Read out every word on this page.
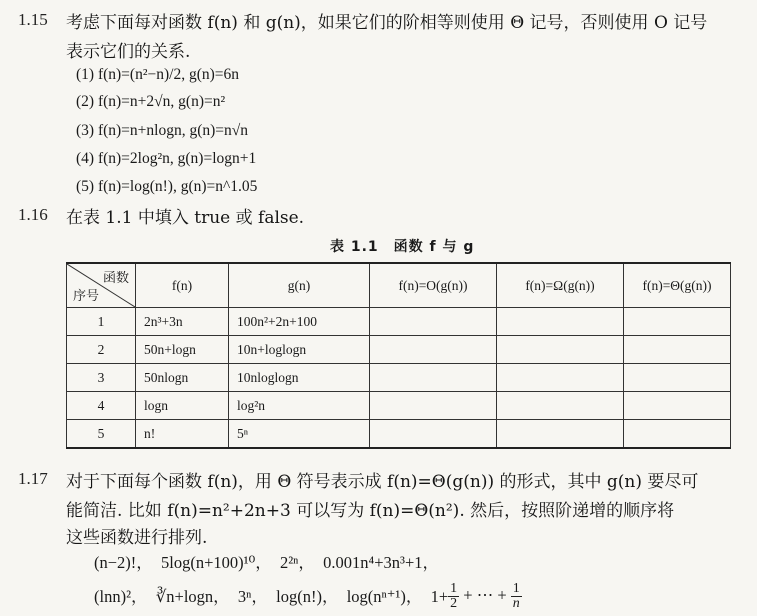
1.15 考虑下面每对函数 f(n) 和 g(n)，如果它们的阶相等则使用 Θ 记号，否则使用 O 记号
表示它们的关系.
(1) f(n)=(n²−n)/2, g(n)=6n
(2) f(n)=n+2√n, g(n)=n²
(3) f(n)=n+nlogn, g(n)=n√n
(4) f(n)=2log²n, g(n)=logn+1
(5) f(n)=log(n!), g(n)=n^1.05
1.16 在表 1.1 中填入 true 或 false.
表 1.1　函数 f 与 g
函数
序号	f(n)	g(n)	f(n)=O(g(n))	f(n)=Ω(g(n))	f(n)=Θ(g(n))
1	2n³+3n	100n²+2n+100			
2	50n+logn	10n+loglogn			
3	50nlogn	10nloglogn			
4	logn	log²n			
5	n!	5ⁿ			
1.17 对于下面每个函数 f(n)，用 Θ 符号表示成 f(n)=Θ(g(n)) 的形式，其中 g(n) 要尽可
能简洁. 比如 f(n)=n²+2n+3 可以写为 f(n)=Θ(n²). 然后，按照阶递增的顺序将
这些函数进行排列.
(n−2)!，　5log(n+100)¹⁰，　2²ⁿ，　0.001n⁴+3n³+1，
(lnn)²，　∛n+logn，　3ⁿ，　log(n!)，　log(nⁿ⁺¹)，　$1+ \frac{1}{2}$ + ⋯ + $\frac{1}{n}$
